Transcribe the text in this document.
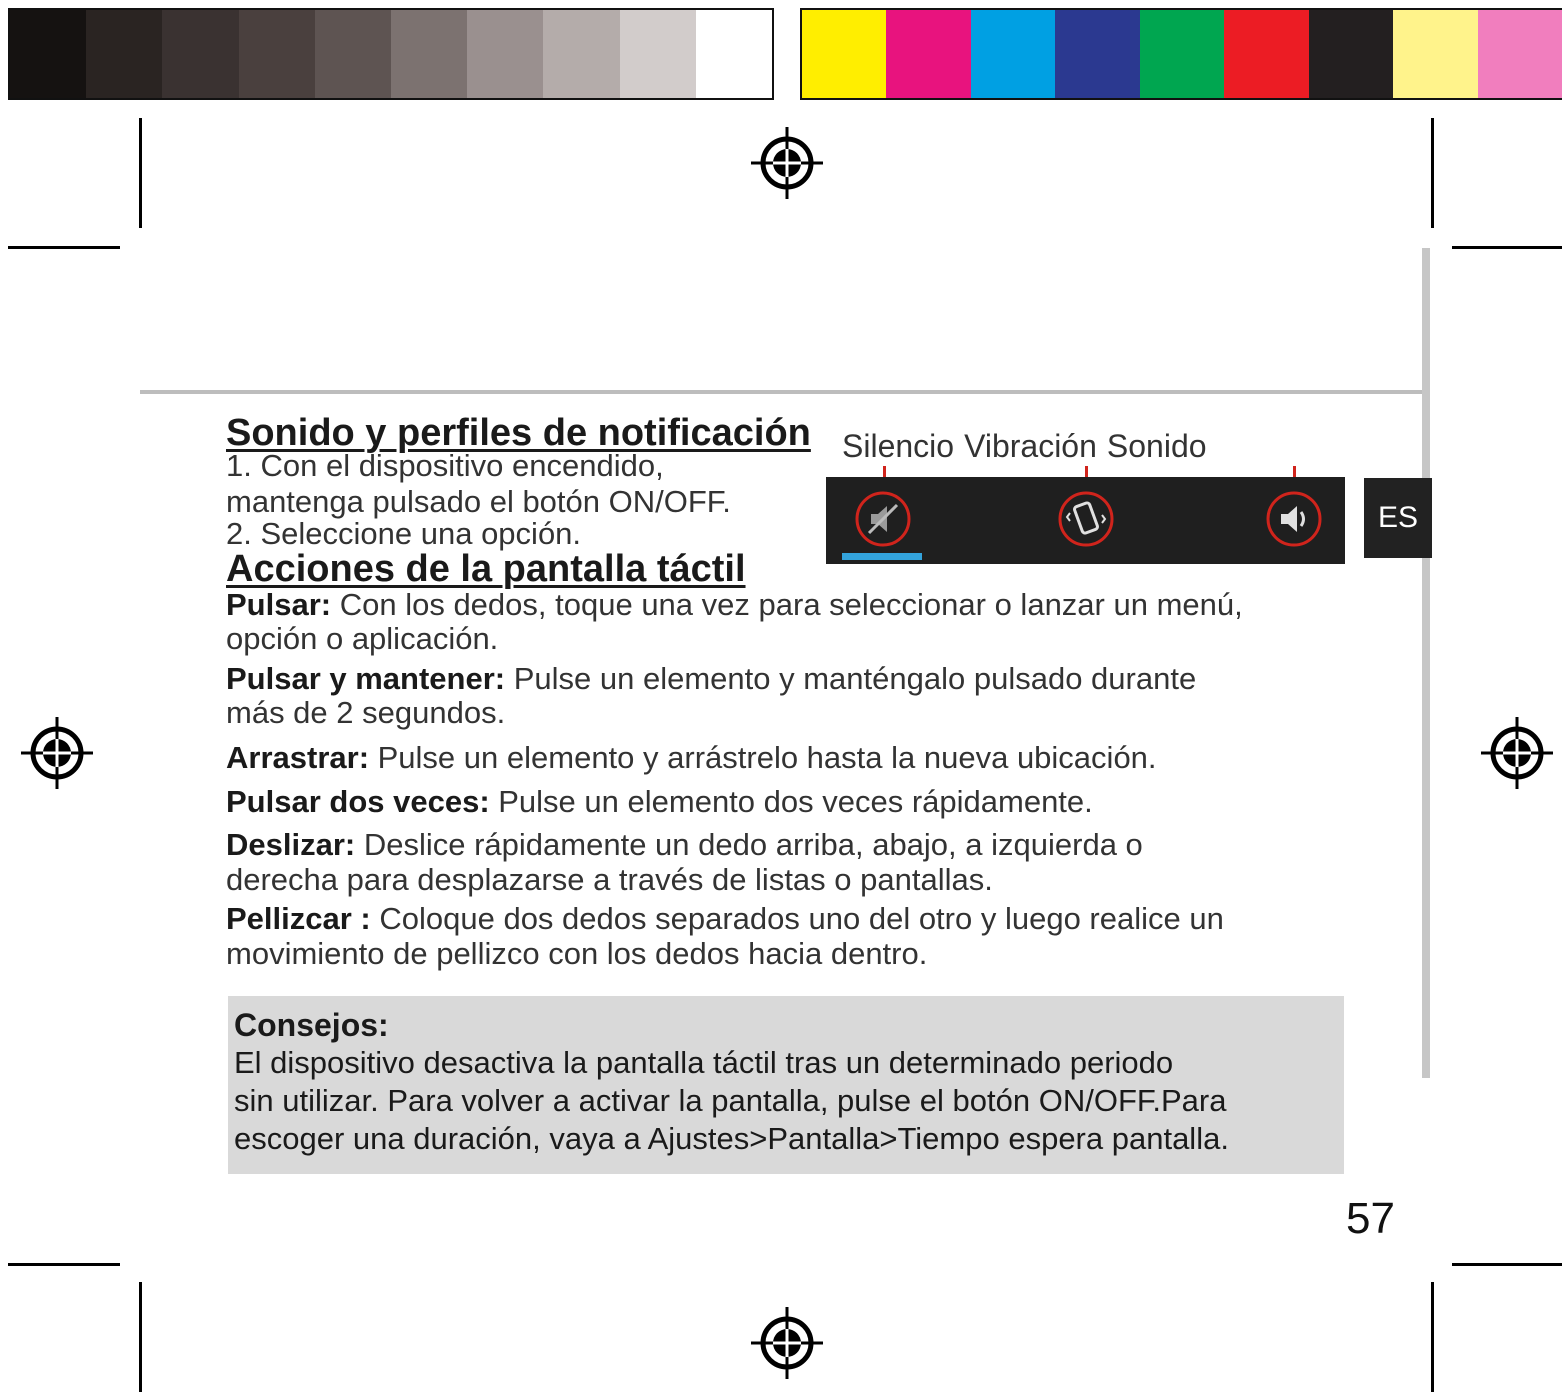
Sonido y perfiles de notificación
1. Con el dispositivo encendido,
mantenga pulsado el botón ON/OFF.
2. Seleccione una opción.
Silencio Vibración Sonido
ES
Acciones de la pantalla táctil
Pulsar: Con los dedos, toque una vez para seleccionar o lanzar un menú,
opción o aplicación.
Pulsar y mantener: Pulse un elemento y manténgalo pulsado durante
más de 2 segundos.
Arrastrar: Pulse un elemento y arrástrelo hasta la nueva ubicación.
Pulsar dos veces: Pulse un elemento dos veces rápidamente.
Deslizar: Deslice rápidamente un dedo arriba, abajo, a izquierda o
derecha para desplazarse a través de listas o pantallas.
Pellizcar : Coloque dos dedos separados uno del otro y luego realice un
movimiento de pellizco con los dedos hacia dentro.
Consejos:
El dispositivo desactiva la pantalla táctil tras un determinado periodo
sin utilizar. Para volver a activar la pantalla, pulse el botón ON/OFF.Para
escoger una duración, vaya a Ajustes>Pantalla>Tiempo espera pantalla.
57
